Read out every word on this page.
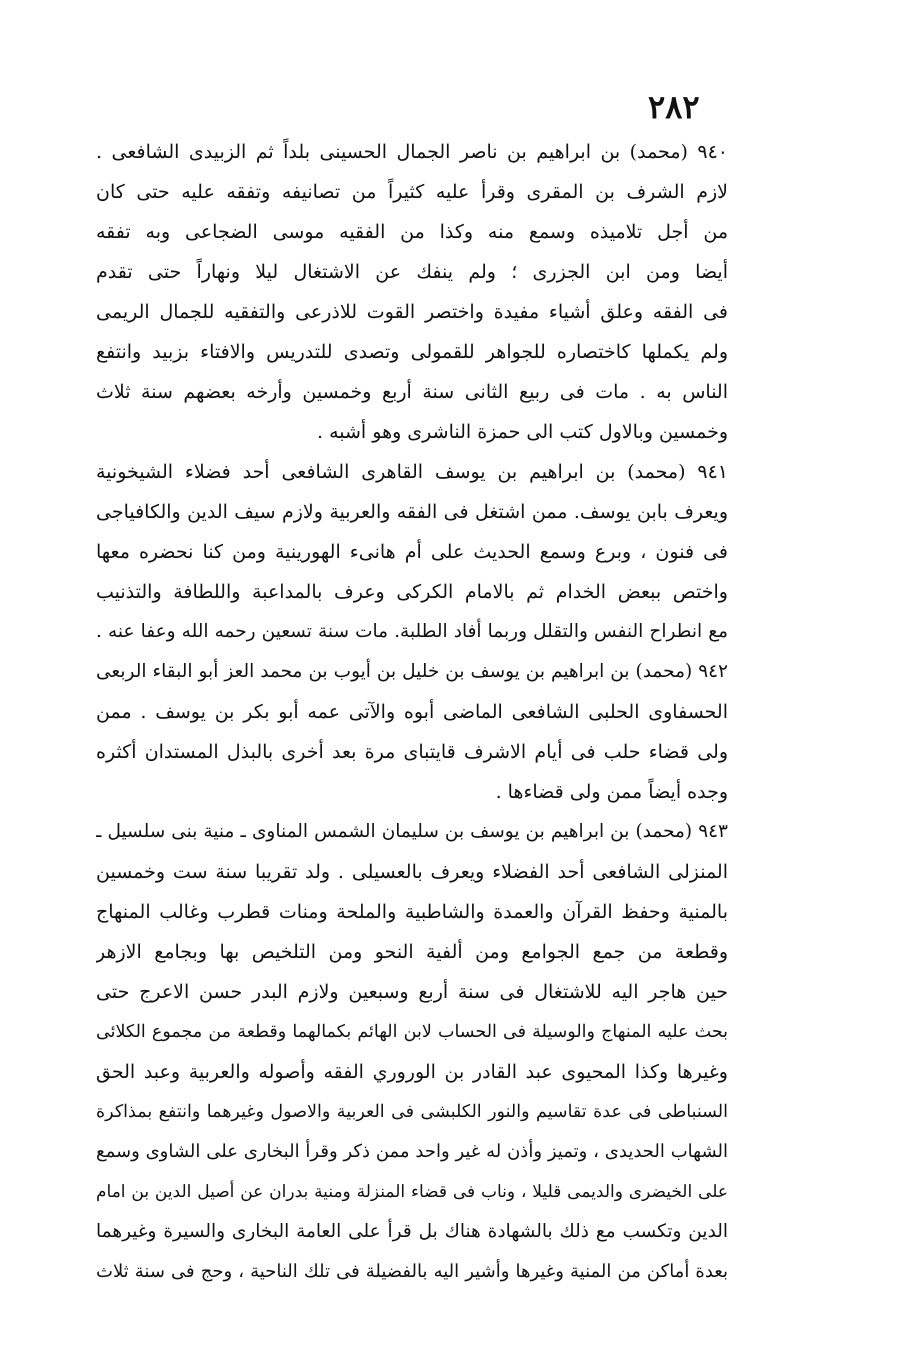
٢٨٢
٩٤٠ (محمد) بن ابراهيم بن ناصر الجمال الحسينى بلداً ثم الزبيدى الشافعى .
لازم الشرف بن المقرى وقرأ عليه كثيراً من تصانيفه وتفقه عليه حتى كان
من أجل تلاميذه وسمع منه وكذا من الفقيه موسى الضجاعى وبه تفقه
أيضا ومن ابن الجزرى ؛ ولم ينفك عن الاشتغال ليلا ونهاراً حتى تقدم
فى الفقه وعلق أشياء مفيدة واختصر القوت للاذرعى والتفقيه للجمال الريمى
ولم يكملها كاختصاره للجواهر للقمولى وتصدى للتدريس والافتاء بزبيد وانتفع
الناس به . مات فى ربيع الثانى سنة أربع وخمسين وأرخه بعضهم سنة ثلاث
وخمسين وبالاول كتب الى حمزة الناشرى وهو أشبه .
٩٤١ (محمد) بن ابراهيم بن يوسف القاهرى الشافعى أحد فضلاء الشيخونية
ويعرف بابن يوسف. ممن اشتغل فى الفقه والعربية ولازم سيف الدين والكافياجى
فى فنون ، وبرع وسمع الحديث على أم هانىء الهورينية ومن كنا نحضره معها
واختص ببعض الخدام ثم بالامام الكركى وعرف بالمداعبة واللطافة والتذنيب
مع انطراح النفس والتقلل وربما أفاد الطلبة. مات سنة تسعين رحمه الله وعفا عنه .
٩٤٢ (محمد) بن ابراهيم بن يوسف بن خليل بن أيوب بن محمد العز أبو البقاء الربعى
الحسفاوى الحلبى الشافعى الماضى أبوه والآتى عمه أبو بكر بن يوسف . ممن
ولى قضاء حلب فى أيام الاشرف قايتباى مرة بعد أخرى بالبذل المستدان أكثره
وجده أيضاً ممن ولى قضاءها .
٩٤٣ (محمد) بن ابراهيم بن يوسف بن سليمان الشمس المناوى ـ منية بنى سلسيل ـ
المنزلى الشافعى أحد الفضلاء ويعرف بالعسيلى . ولد تقريبا سنة ست وخمسين
بالمنية وحفظ القرآن والعمدة والشاطبية والملحة ومنات قطرب وغالب المنهاج
وقطعة من جمع الجوامع ومن ألفية النحو ومن التلخيص بها وبجامع الازهر
حين هاجر اليه للاشتغال فى سنة أربع وسبعين ولازم البدر حسن الاعرج حتى
بحث عليه المنهاج والوسيلة فى الحساب لابن الهائم بكمالهما وقطعة من مجموع الكلائى
وغيرها وكذا المحيوى عبد القادر بن الوروري الفقه وأصوله والعربية وعبد الحق
السنباطى فى عدة تقاسيم والنور الكلبشى فى العربية والاصول وغيرهما وانتفع بمذاكرة
الشهاب الحديدى ، وتميز وأذن له غير واحد ممن ذكر وقرأ البخارى على الشاوى وسمع
على الخيضرى والديمى قليلا ، وناب فى قضاء المنزلة ومنية بدران عن أصيل الدين بن امام
الدين وتكسب مع ذلك بالشهادة هناك بل قرأ على العامة البخارى والسيرة وغيرهما
بعدة أماكن من المنية وغيرها وأشير اليه بالفضيلة فى تلك الناحية ، وحج فى سنة ثلاث
